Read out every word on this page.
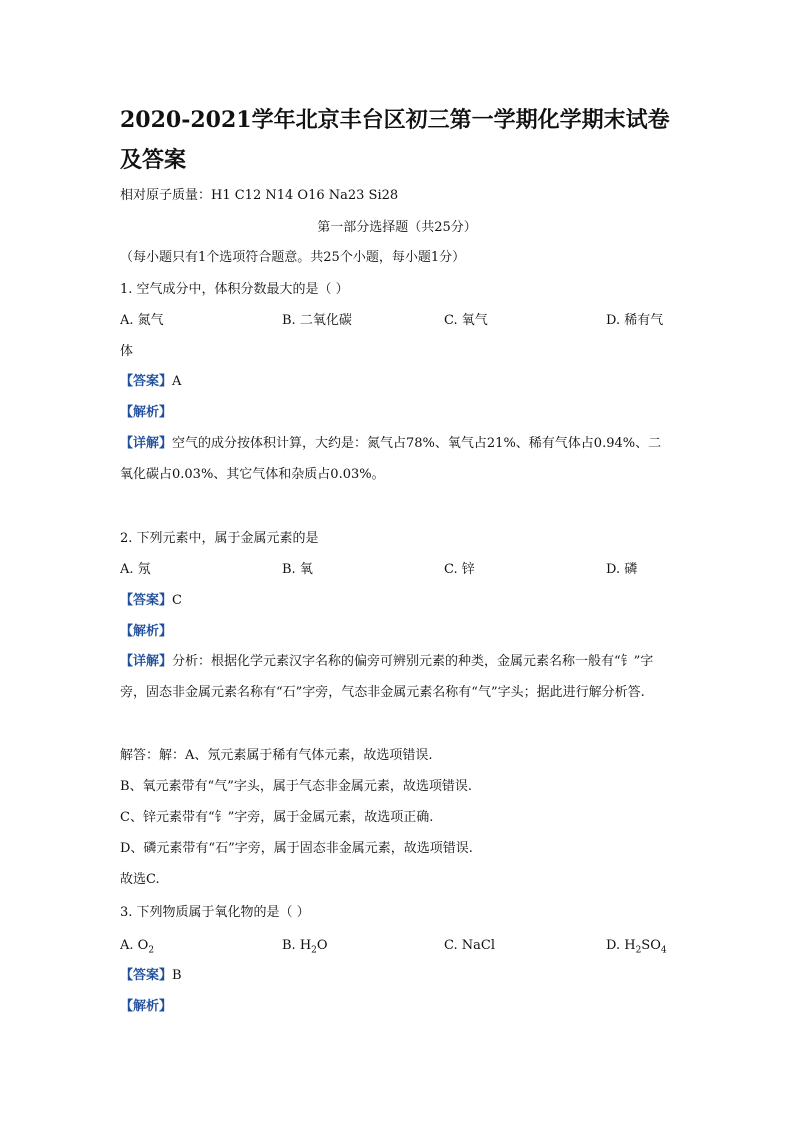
2020-2021学年北京丰台区初三第一学期化学期末试卷及答案
相对原子质量：H1 C12 N14 O16 Na23 Si28
第一部分选择题（共25分）
（每小题只有1个选项符合题意。共25个小题，每小题1分）
1. 空气成分中，体积分数最大的是（ ）
A. 氮气	B. 二氧化碳	C. 氧气	D. 稀有气
体
【答案】A
【解析】
【详解】空气的成分按体积计算，大约是：氮气占78%、氧气占21%、稀有气体占0.94%、二氧化碳占0.03%、其它气体和杂质占0.03%。
2. 下列元素中，属于金属元素的是
A. 氖	B. 氧	C. 锌	D. 磷
【答案】C
【解析】
【详解】分析：根据化学元素汉字名称的偏旁可辨别元素的种类，金属元素名称一般有“钅”字旁，固态非金属元素名称有“石”字旁，气态非金属元素名称有“气”字头；据此进行解分析答.
解答：解：A、氖元素属于稀有气体元素，故选项错误.
B、氧元素带有“气”字头，属于气态非金属元素，故选项错误.
C、锌元素带有“钅”字旁，属于金属元素，故选项正确.
D、磷元素带有“石”字旁，属于固态非金属元素，故选项错误.
故选C.
3. 下列物质属于氧化物的是（ ）
A. $O_2$	B. $H_2O$	C. NaCl	D. $H_2SO_4$
【答案】B
【解析】
